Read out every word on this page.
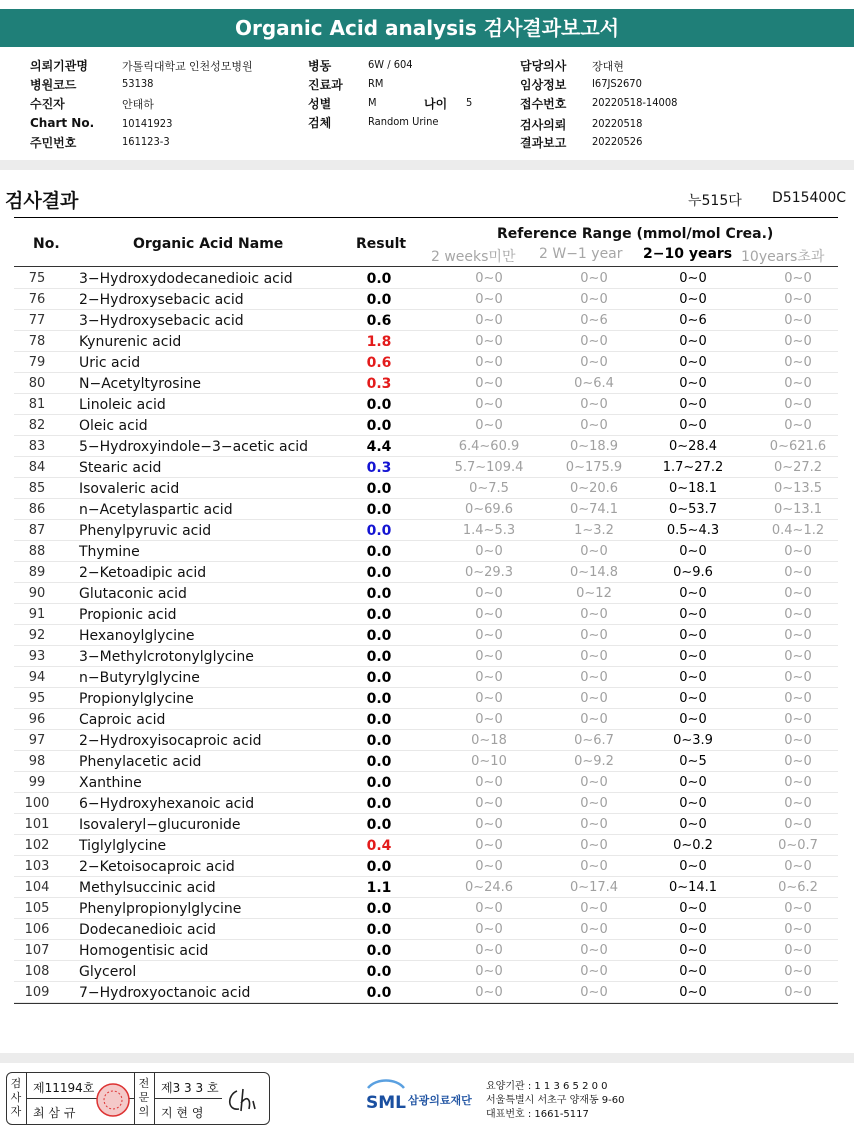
Organic Acid analysis 검사결과보고서
의뢰기관명	가톨릭대학교 인천성모병원
병원코드	53138
수진자	안태하
Chart No.	10141923
주민번호	161123-3
병동	6W / 604
진료과 RM
성별	M	나이 5
검체	Random Urine
담당의사 장대현
임상정보 I67JS2670
접수번호 20220518-14008
검사의뢰 20220518
결과보고 20220526
검사결과	누515다 D515400C
No.	Organic Acid Name	Result
Reference Range (mmol/mol Crea.)
2 weeks미만 2 W−1 year 2−10 years 10years초과
75	3−Hydroxydodecanedioic acid	0.0	0∼0	0∼0	0∼0	0∼0
76	2−Hydroxysebacic acid	0.0	0∼0	0∼0	0∼0	0∼0
77	3−Hydroxysebacic acid	0.6	0∼0	0∼6	0∼6	0∼0
78	Kynurenic acid	1.8	0∼0	0∼0	0∼0	0∼0
79	Uric acid	0.6	0∼0	0∼0	0∼0	0∼0
80	N−Acetyltyrosine	0.3	0∼0	0∼6.4	0∼0	0∼0
81	Linoleic acid	0.0	0∼0	0∼0	0∼0	0∼0
82	Oleic acid	0.0	0∼0	0∼0	0∼0	0∼0
83	5−Hydroxyindole−3−acetic acid	4.4	6.4∼60.9	0∼18.9	0∼28.4	0∼621.6
84	Stearic acid	0.3	5.7∼109.4	0∼175.9	1.7∼27.2	0∼27.2
85	Isovaleric acid	0.0	0∼7.5	0∼20.6	0∼18.1	0∼13.5
86	n−Acetylaspartic acid	0.0	0∼69.6	0∼74.1	0∼53.7	0∼13.1
87	Phenylpyruvic acid	0.0	1.4∼5.3	1∼3.2	0.5∼4.3	0.4∼1.2
88	Thymine	0.0	0∼0	0∼0	0∼0	0∼0
89	2−Ketoadipic acid	0.0	0∼29.3	0∼14.8	0∼9.6	0∼0
90	Glutaconic acid	0.0	0∼0	0∼12	0∼0	0∼0
91	Propionic acid	0.0	0∼0	0∼0	0∼0	0∼0
92	Hexanoylglycine	0.0	0∼0	0∼0	0∼0	0∼0
93	3−Methylcrotonylglycine	0.0	0∼0	0∼0	0∼0	0∼0
94	n−Butyrylglycine	0.0	0∼0	0∼0	0∼0	0∼0
95	Propionylglycine	0.0	0∼0	0∼0	0∼0	0∼0
96	Caproic acid	0.0	0∼0	0∼0	0∼0	0∼0
97	2−Hydroxyisocaproic acid	0.0	0∼18	0∼6.7	0∼3.9	0∼0
98	Phenylacetic acid	0.0	0∼10	0∼9.2	0∼5	0∼0
99	Xanthine	0.0	0∼0	0∼0	0∼0	0∼0
100	6−Hydroxyhexanoic acid	0.0	0∼0	0∼0	0∼0	0∼0
101	Isovaleryl−glucuronide	0.0	0∼0	0∼0	0∼0	0∼0
102	Tiglylglycine	0.4	0∼0	0∼0	0∼0.2	0∼0.7
103	2−Ketoisocaproic acid	0.0	0∼0	0∼0	0∼0	0∼0
104	Methylsuccinic acid	1.1	0∼24.6	0∼17.4	0∼14.1	0∼6.2
105	Phenylpropionylglycine	0.0	0∼0	0∼0	0∼0	0∼0
106	Dodecanedioic acid	0.0	0∼0	0∼0	0∼0	0∼0
107	Homogentisic acid	0.0	0∼0	0∼0	0∼0	0∼0
108	Glycerol	0.0	0∼0	0∼0	0∼0	0∼0
109	7−Hydroxyoctanoic acid	0.0	0∼0	0∼0	0∼0	0∼0
검사자
제11194호
최 삼 규
전문의
제3 3 3 호
지 현 영	SML 삼광의료재단
요양기관 : 1 1 3 6 5 2 0 0
서울특별시 서초구 양재동 9-60
대표번호 : 1661-5117
